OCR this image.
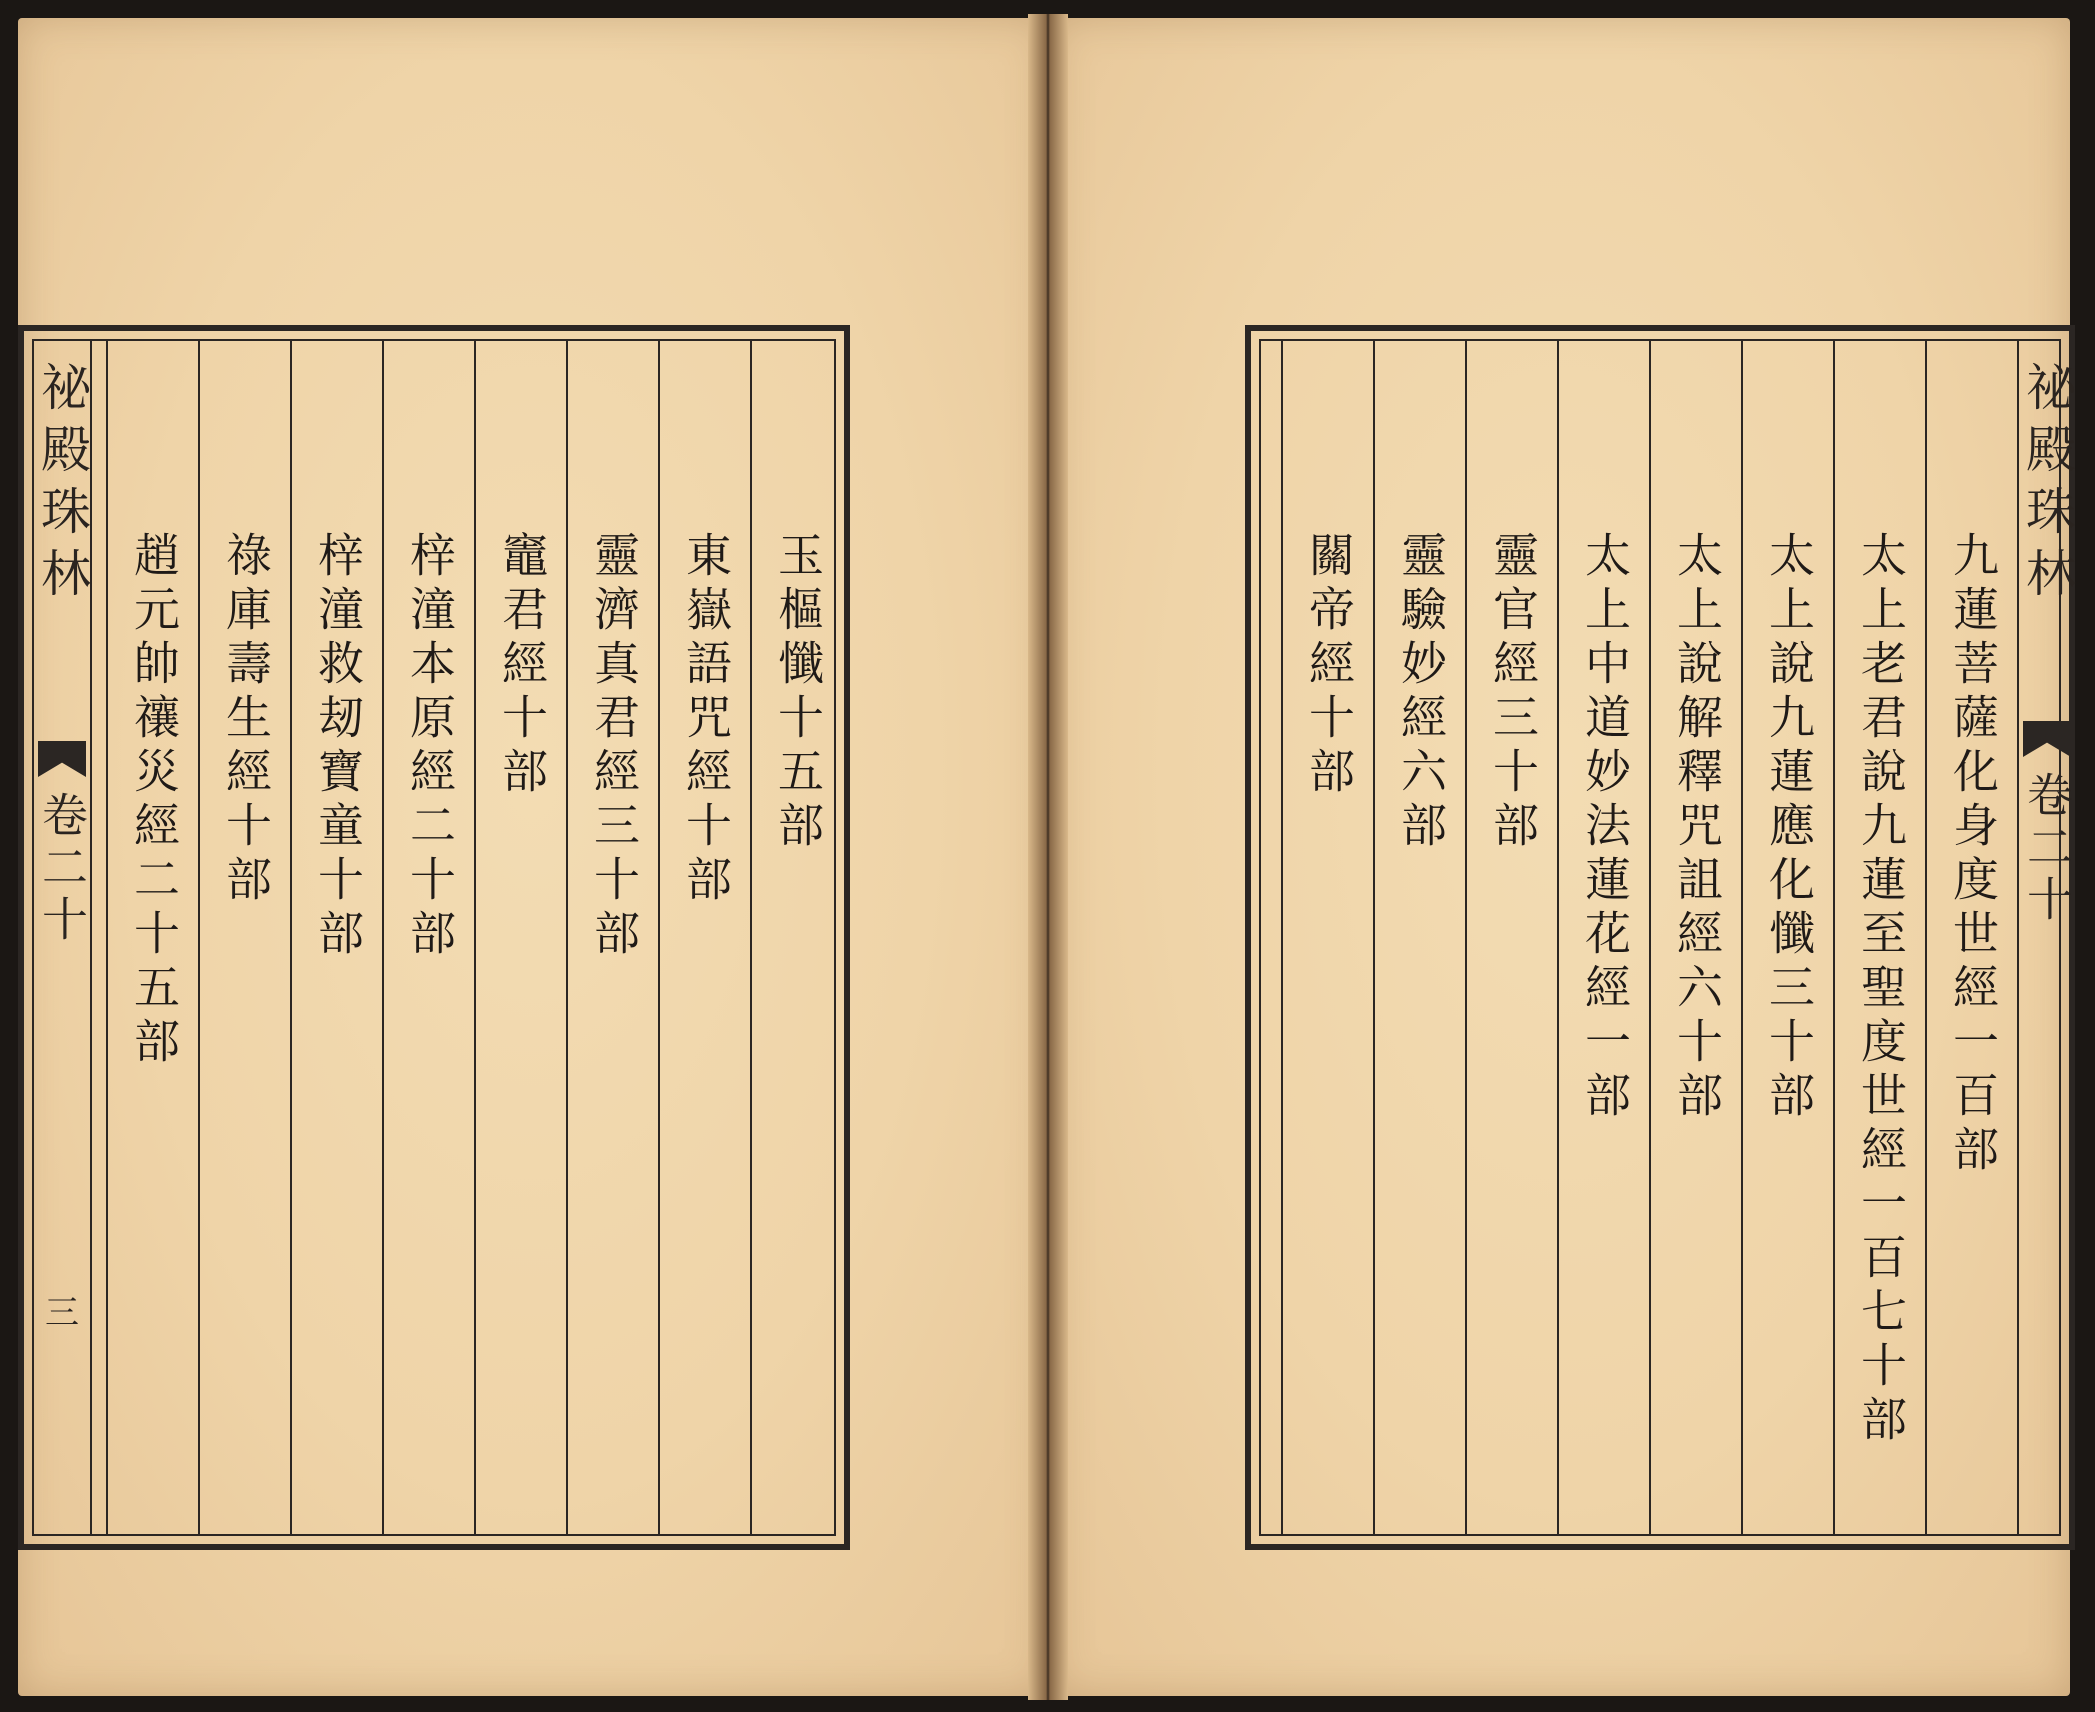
祕殿珠林
卷二十
三
玉樞懺十五部
東嶽語咒經十部
靈濟真君經三十部
竈君經十部
梓潼本原經二十部
梓潼救刼寶童十部
祿庫壽生經十部
趙元帥禳災經二十五部	九蓮菩薩化身度世經一百部
太上老君說九蓮至聖度世經一百七十部
太上說九蓮應化懺三十部
太上說解釋咒詛經六十部
太上中道妙法蓮花經一部
靈官經三十部
靈驗妙經六部
關帝經十部
祕殿珠林
卷二十
